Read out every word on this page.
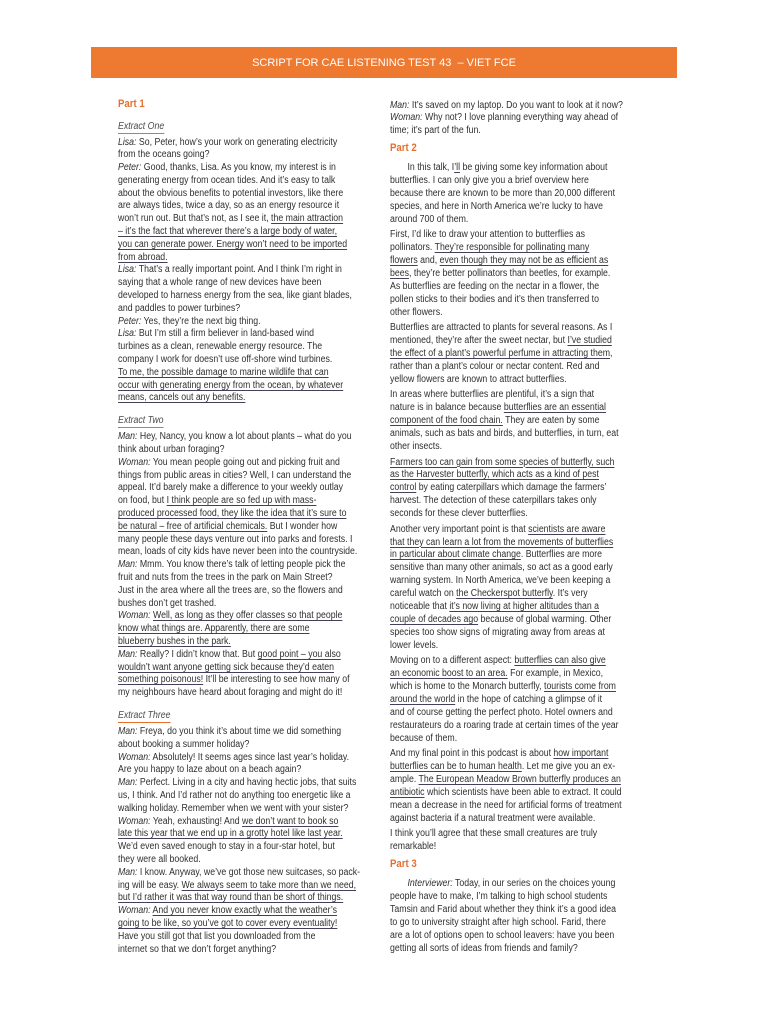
SCRIPT FOR CAE LISTENING TEST 43  – VIET FCE
Part 1
Extract One
Lisa: So, Peter, how’s your work on generating electricity
from the oceans going?
Peter: Good, thanks, Lisa. As you know, my interest is in
generating energy from ocean tides. And it’s easy to talk
about the obvious benefits to potential investors, like there
are always tides, twice a day, so as an energy resource it
won’t run out. But that’s not, as I see it, the main attraction
– it’s the fact that wherever there’s a large body of water,
you can generate power. Energy won’t need to be imported
from abroad.
Lisa: That’s a really important point. And I think I’m right in
saying that a whole range of new devices have been
developed to harness energy from the sea, like giant blades,
and paddles to power turbines?
Peter: Yes, they’re the next big thing.
Lisa: But I’m still a firm believer in land-based wind
turbines as a clean, renewable energy resource. The
company I work for doesn’t use off-shore wind turbines.
To me, the possible damage to marine wildlife that can
occur with generating energy from the ocean, by whatever
means, cancels out any benefits.
Extract Two
Man: Hey, Nancy, you know a lot about plants – what do you
think about urban foraging?
Woman: You mean people going out and picking fruit and
things from public areas in cities? Well, I can understand the
appeal. It’d barely make a difference to your weekly outlay
on food, but I think people are so fed up with mass-
produced processed food, they like the idea that it’s sure to
be natural – free of artificial chemicals. But I wonder how
many people these days venture out into parks and forests. I
mean, loads of city kids have never been into the countryside.
Man: Mmm. You know there’s talk of letting people pick the
fruit and nuts from the trees in the park on Main Street?
Just in the area where all the trees are, so the flowers and
bushes don’t get trashed.
Woman: Well, as long as they offer classes so that people
know what things are. Apparently, there are some
blueberry bushes in the park.
Man: Really? I didn’t know that. But good point – you also
wouldn’t want anyone getting sick because they’d eaten
something poisonous! It’ll be interesting to see how many of
my neighbours have heard about foraging and might do it!
Extract Three
Man: Freya, do you think it’s about time we did something
about booking a summer holiday?
Woman: Absolutely! It seems ages since last year’s holiday.
Are you happy to laze about on a beach again?
Man: Perfect. Living in a city and having hectic jobs, that suits
us, I think. And I’d rather not do anything too energetic like a
walking holiday. Remember when we went with your sister?
Woman: Yeah, exhausting! And we don’t want to book so
late this year that we end up in a grotty hotel like last year.
We’d even saved enough to stay in a four-star hotel, but
they were all booked.
Man: I know. Anyway, we’ve got those new suitcases, so pack-
ing will be easy. We always seem to take more than we need,
but I’d rather it was that way round than be short of things.
Woman: And you never know exactly what the weather’s
going to be like, so you’ve got to cover every eventuality!
Have you still got that list you downloaded from the
internet so that we don’t forget anything?
Man: It’s saved on my laptop. Do you want to look at it now?
Woman: Why not? I love planning everything way ahead of
time; it’s part of the fun.
Part 2
In this talk, I’ll be giving some key information about
butterflies. I can only give you a brief overview here
because there are known to be more than 20,000 different
species, and here in North America we’re lucky to have
around 700 of them.
First, I’d like to draw your attention to butterflies as
pollinators. They’re responsible for pollinating many
flowers and, even though they may not be as efficient as
bees, they’re better pollinators than beetles, for example.
As butterflies are feeding on the nectar in a flower, the
pollen sticks to their bodies and it’s then transferred to
other flowers.
Butterflies are attracted to plants for several reasons. As I
mentioned, they’re after the sweet nectar, but I’ve studied
the effect of a plant’s powerful perfume in attracting them,
rather than a plant’s colour or nectar content. Red and
yellow flowers are known to attract butterflies.
In areas where butterflies are plentiful, it’s a sign that
nature is in balance because butterflies are an essential
component of the food chain. They are eaten by some
animals, such as bats and birds, and butterflies, in turn, eat
other insects.
Farmers too can gain from some species of butterfly, such
as the Harvester butterfly, which acts as a kind of pest
control by eating caterpillars which damage the farmers’
harvest. The detection of these caterpillars takes only
seconds for these clever butterflies.
Another very important point is that scientists are aware
that they can learn a lot from the movements of butterflies
in particular about climate change. Butterflies are more
sensitive than many other animals, so act as a good early
warning system. In North America, we’ve been keeping a
careful watch on the Checkerspot butterfly. It’s very
noticeable that it’s now living at higher altitudes than a
couple of decades ago because of global warming. Other
species too show signs of migrating away from areas at
lower levels.
Moving on to a different aspect: butterflies can also give
an economic boost to an area. For example, in Mexico,
which is home to the Monarch butterfly, tourists come from
around the world in the hope of catching a glimpse of it
and of course getting the perfect photo. Hotel owners and
restaurateurs do a roaring trade at certain times of the year
because of them.
And my final point in this podcast is about how important
butterflies can be to human health. Let me give you an ex-
ample. The European Meadow Brown butterfly produces an
antibiotic which scientists have been able to extract. It could
mean a decrease in the need for artificial forms of treatment
against bacteria if a natural treatment were available.
I think you’ll agree that these small creatures are truly
remarkable!
Part 3
Interviewer: Today, in our series on the choices young
people have to make, I’m talking to high school students
Tamsin and Farid about whether they think it’s a good idea
to go to university straight after high school. Farid, there
are a lot of options open to school leavers: have you been
getting all sorts of ideas from friends and family?
